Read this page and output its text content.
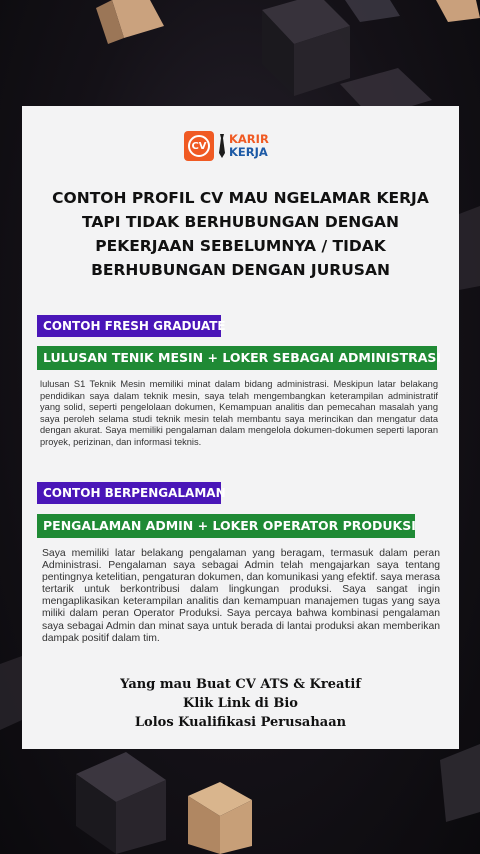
CV	KARIR
KERJA
CONTOH PROFIL CV MAU NGELAMAR KERJA
TAPI TIDAK BERHUBUNGAN DENGAN
PEKERJAAN SEBELUMNYA / TIDAK
BERHUBUNGAN DENGAN JURUSAN
CONTOH FRESH GRADUATE
LULUSAN TENIK MESIN + LOKER SEBAGAI ADMINISTRASI
lulusan S1 Teknik Mesin memiliki minat dalam bidang administrasi. Meskipun latar belakang pendidikan saya dalam teknik mesin, saya telah mengembangkan keterampilan administratif yang solid, seperti pengelolaan dokumen, Kemampuan analitis dan pemecahan masalah yang saya peroleh selama studi teknik mesin telah membantu saya merincikan dan mengatur data dengan akurat. Saya memiliki pengalaman dalam mengelola dokumen-dokumen seperti laporan proyek, perizinan, dan informasi teknis.
CONTOH BERPENGALAMAN
PENGALAMAN ADMIN + LOKER OPERATOR PRODUKSI
Saya memiliki latar belakang pengalaman yang beragam, termasuk dalam peran Administrasi. Pengalaman saya sebagai Admin telah mengajarkan saya tentang pentingnya ketelitian, pengaturan dokumen, dan komunikasi yang efektif. saya merasa tertarik untuk berkontribusi dalam lingkungan produksi. Saya sangat ingin mengaplikasikan keterampilan analitis dan kemampuan manajemen tugas yang saya miliki dalam peran Operator Produksi. Saya percaya bahwa kombinasi pengalaman saya sebagai Admin dan minat saya untuk berada di lantai produksi akan memberikan dampak positif dalam tim.
Yang mau Buat CV ATS & Kreatif
Klik Link di Bio
Lolos Kualifikasi Perusahaan
